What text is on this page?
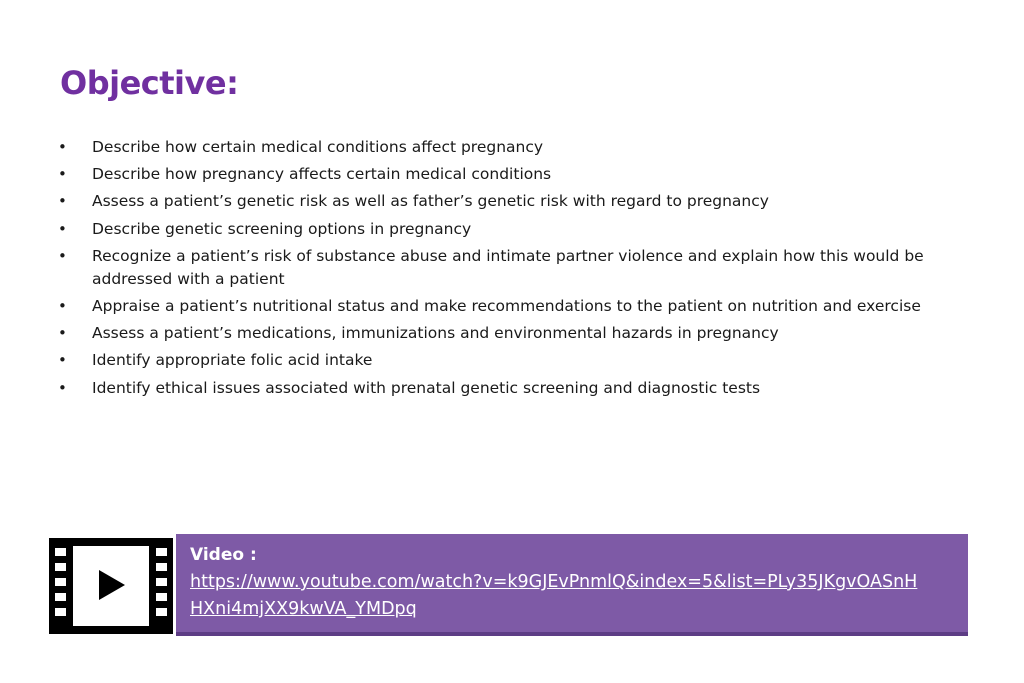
Objective:
• Describe how certain medical conditions affect pregnancy
• Describe how pregnancy affects certain medical conditions
• Assess a patient’s genetic risk as well as father’s genetic risk with regard to pregnancy
• Describe genetic screening options in pregnancy
• Recognize a patient’s risk of substance abuse and intimate partner violence and explain how this would be addressed with a patient
• Appraise a patient’s nutritional status and make recommendations to the patient on nutrition and exercise
• Assess a patient’s medications, immunizations and environmental hazards in pregnancy
• Identify appropriate folic acid intake
• Identify ethical issues associated with prenatal genetic screening and diagnostic tests
Video :
https://www.youtube.com/watch?v=k9GJEvPnmlQ&index=5&list=PLy35JKgvOASnHHXni4mjXX9kwVA_YMDpq
